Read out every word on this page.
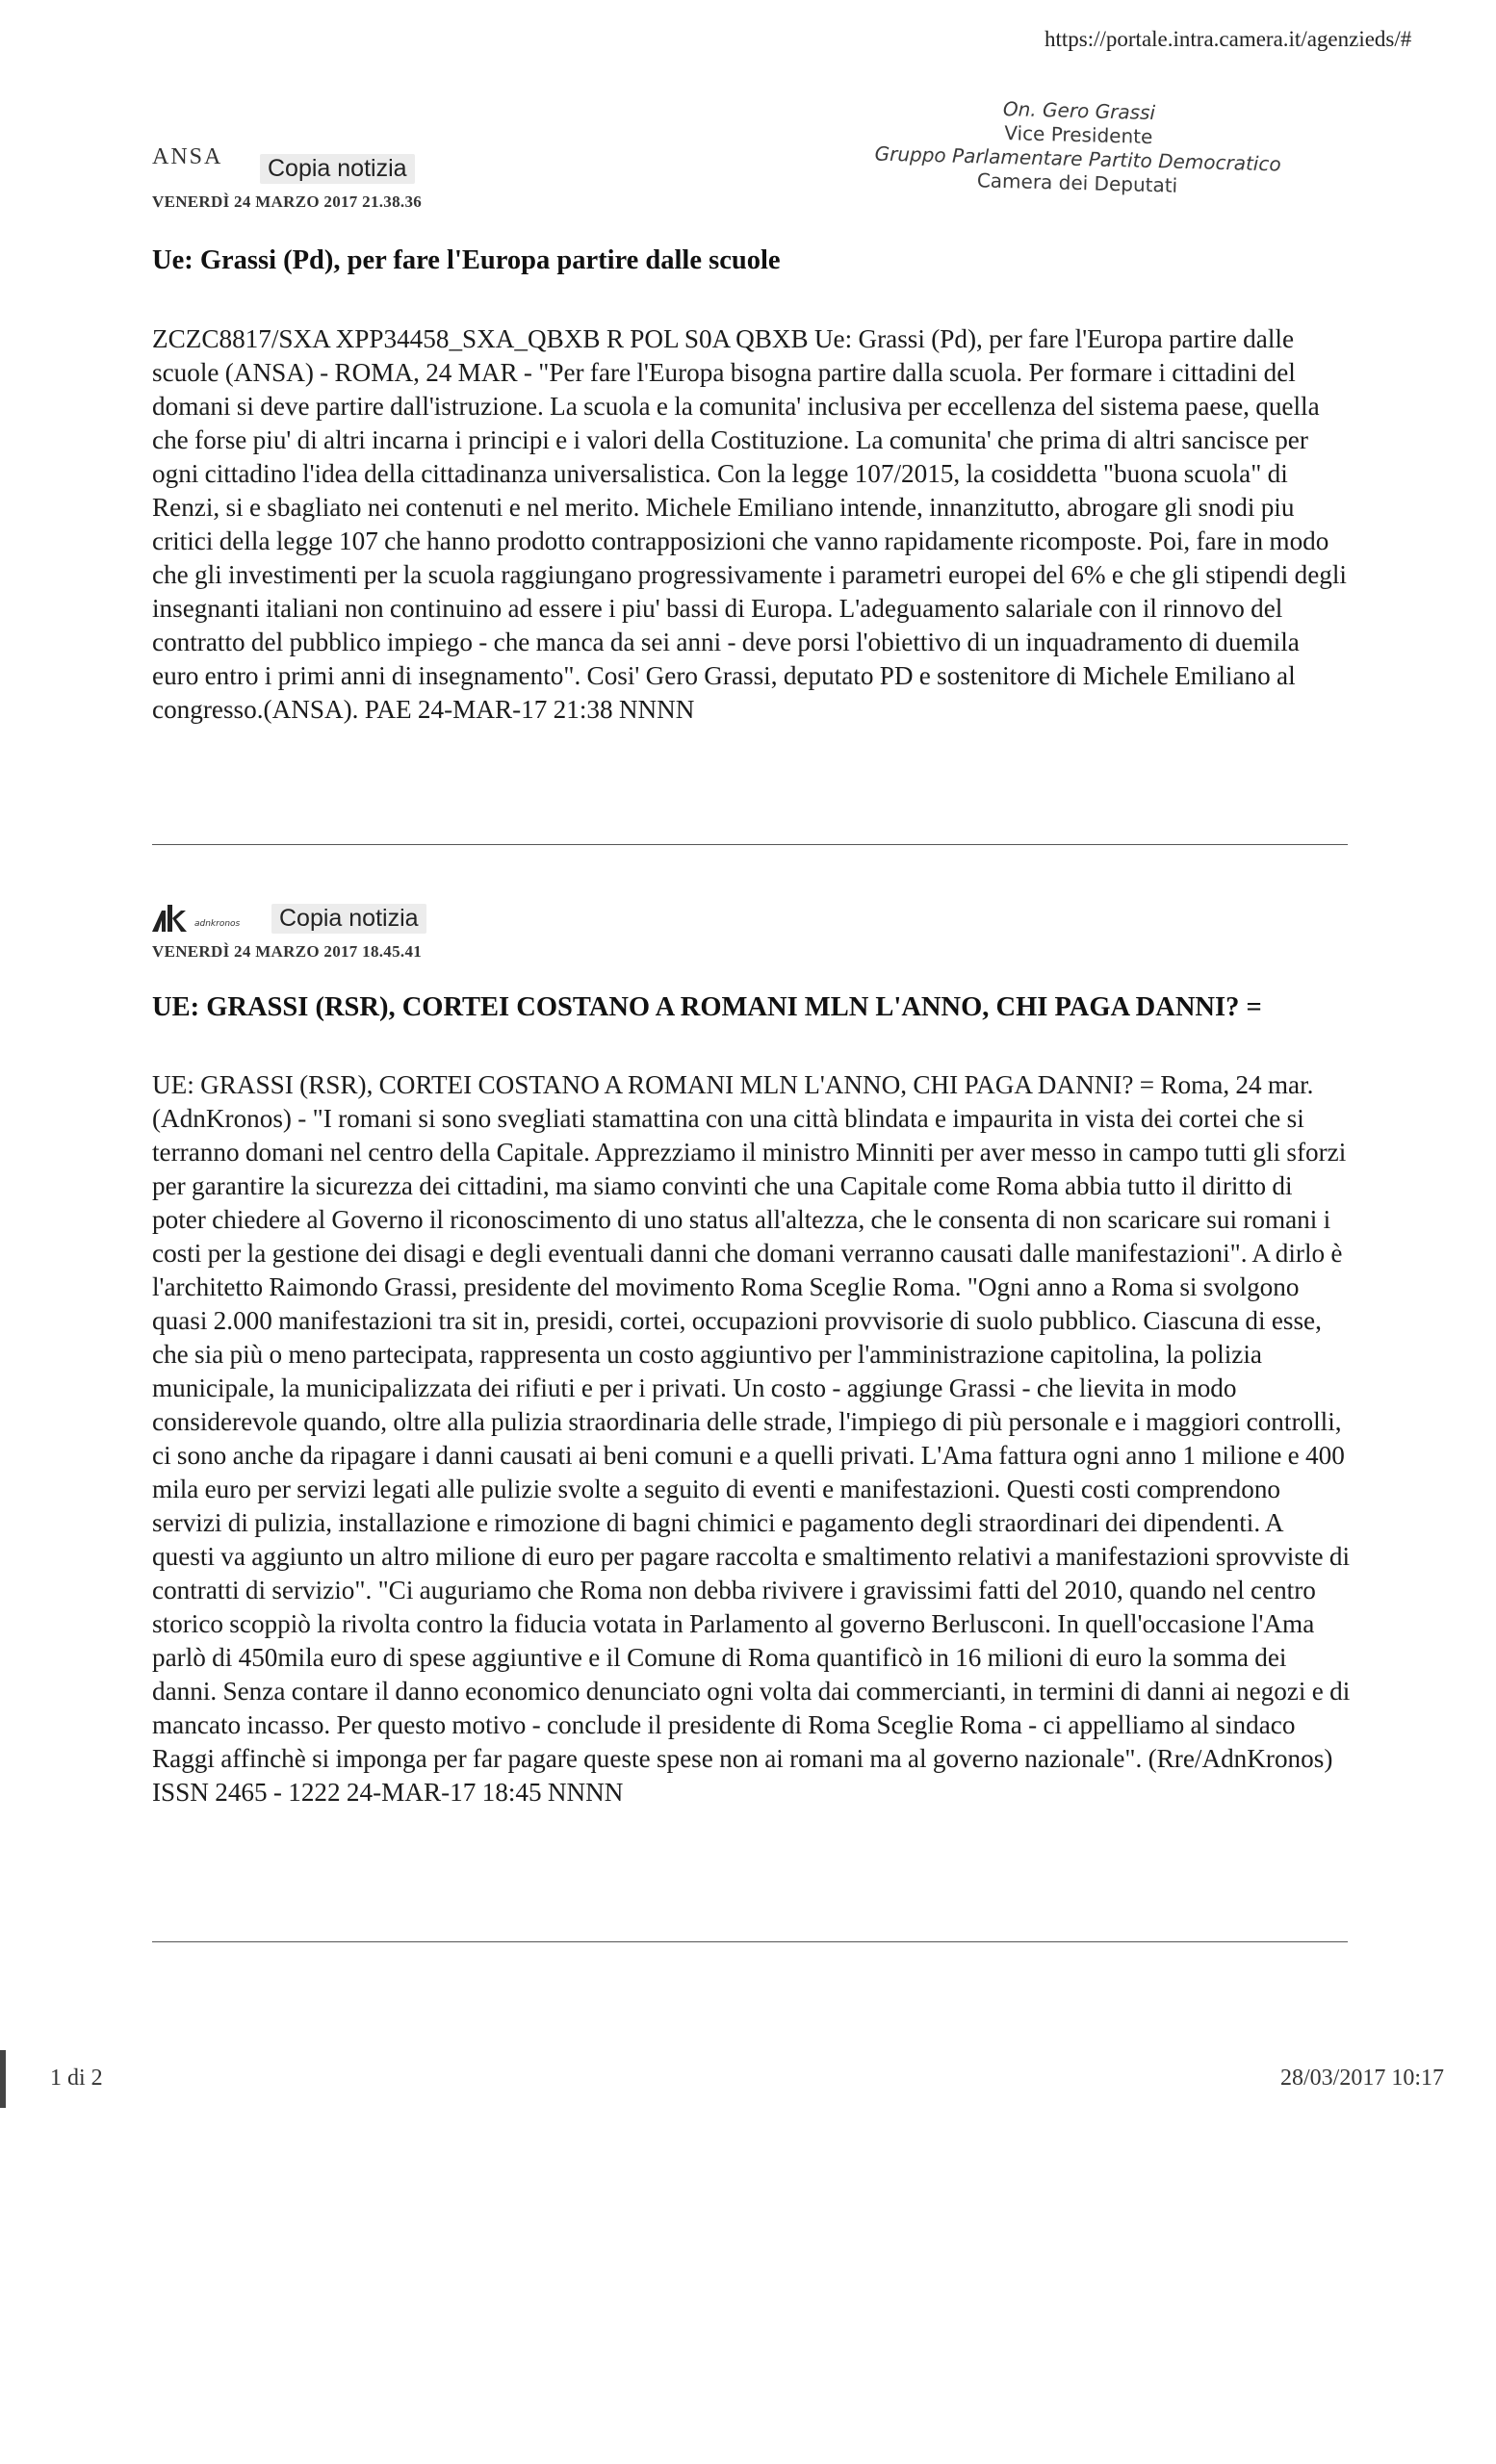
https://portale.intra.camera.it/agenzieds/#
ANSA	Copia notizia
VENERDÌ 24 MARZO 2017 21.38.36
On. Gero Grassi
Vice Presidente
Gruppo Parlamentare Partito Democratico
Camera dei Deputati
Ue: Grassi (Pd), per fare l'Europa partire dalle scuole
ZCZC8817/SXA XPP34458_SXA_QBXB R POL S0A QBXB Ue: Grassi (Pd), per fare l'Europa partire dalle scuole (ANSA) - ROMA, 24 MAR - "Per fare l'Europa bisogna partire dalla scuola. Per formare i cittadini del domani si deve partire dall'istruzione. La scuola e la comunita' inclusiva per eccellenza del sistema paese, quella che forse piu' di altri incarna i principi e i valori della Costituzione. La comunita' che prima di altri sancisce per ogni cittadino l'idea della cittadinanza universalistica. Con la legge 107/2015, la cosiddetta "buona scuola" di Renzi, si e sbagliato nei contenuti e nel merito. Michele Emiliano intende, innanzitutto, abrogare gli snodi piu critici della legge 107 che hanno prodotto contrapposizioni che vanno rapidamente ricomposte. Poi, fare in modo che gli investimenti per la scuola raggiungano progressivamente i parametri europei del 6% e che gli stipendi degli insegnanti italiani non continuino ad essere i piu' bassi di Europa. L'adeguamento salariale con il rinnovo del contratto del pubblico impiego - che manca da sei anni - deve porsi l'obiettivo di un inquadramento di duemila euro entro i primi anni di insegnamento". Cosi' Gero Grassi, deputato PD e sostenitore di Michele Emiliano al congresso.(ANSA). PAE 24-MAR-17 21:38 NNNN
adnkronos	Copia notizia
VENERDÌ 24 MARZO 2017 18.45.41
UE: GRASSI (RSR), CORTEI COSTANO A ROMANI MLN L'ANNO, CHI PAGA DANNI? =
UE: GRASSI (RSR), CORTEI COSTANO A ROMANI MLN L'ANNO, CHI PAGA DANNI? = Roma, 24 mar. (AdnKronos) - "I romani si sono svegliati stamattina con una città blindata e impaurita in vista dei cortei che si terranno domani nel centro della Capitale. Apprezziamo il ministro Minniti per aver messo in campo tutti gli sforzi per garantire la sicurezza dei cittadini, ma siamo convinti che una Capitale come Roma abbia tutto il diritto di poter chiedere al Governo il riconoscimento di uno status all'altezza, che le consenta di non scaricare sui romani i costi per la gestione dei disagi e degli eventuali danni che domani verranno causati dalle manifestazioni". A dirlo è l'architetto Raimondo Grassi, presidente del movimento Roma Sceglie Roma. "Ogni anno a Roma si svolgono quasi 2.000 manifestazioni tra sit in, presidi, cortei, occupazioni provvisorie di suolo pubblico. Ciascuna di esse, che sia più o meno partecipata, rappresenta un costo aggiuntivo per l'amministrazione capitolina, la polizia municipale, la municipalizzata dei rifiuti e per i privati. Un costo - aggiunge Grassi - che lievita in modo considerevole quando, oltre alla pulizia straordinaria delle strade, l'impiego di più personale e i maggiori controlli, ci sono anche da ripagare i danni causati ai beni comuni e a quelli privati. L'Ama fattura ogni anno 1 milione e 400 mila euro per servizi legati alle pulizie svolte a seguito di eventi e manifestazioni. Questi costi comprendono servizi di pulizia, installazione e rimozione di bagni chimici e pagamento degli straordinari dei dipendenti. A questi va aggiunto un altro milione di euro per pagare raccolta e smaltimento relativi a manifestazioni sprovviste di contratti di servizio". "Ci auguriamo che Roma non debba rivivere i gravissimi fatti del 2010, quando nel centro storico scoppiò la rivolta contro la fiducia votata in Parlamento al governo Berlusconi. In quell'occasione l'Ama parlò di 450mila euro di spese aggiuntive e il Comune di Roma quantificò in 16 milioni di euro la somma dei danni. Senza contare il danno economico denunciato ogni volta dai commercianti, in termini di danni ai negozi e di mancato incasso. Per questo motivo - conclude il presidente di Roma Sceglie Roma - ci appelliamo al sindaco Raggi affinchè si imponga per far pagare queste spese non ai romani ma al governo nazionale". (Rre/AdnKronos) ISSN 2465 - 1222 24-MAR-17 18:45 NNNN
1 di 2	28/03/2017 10:17
